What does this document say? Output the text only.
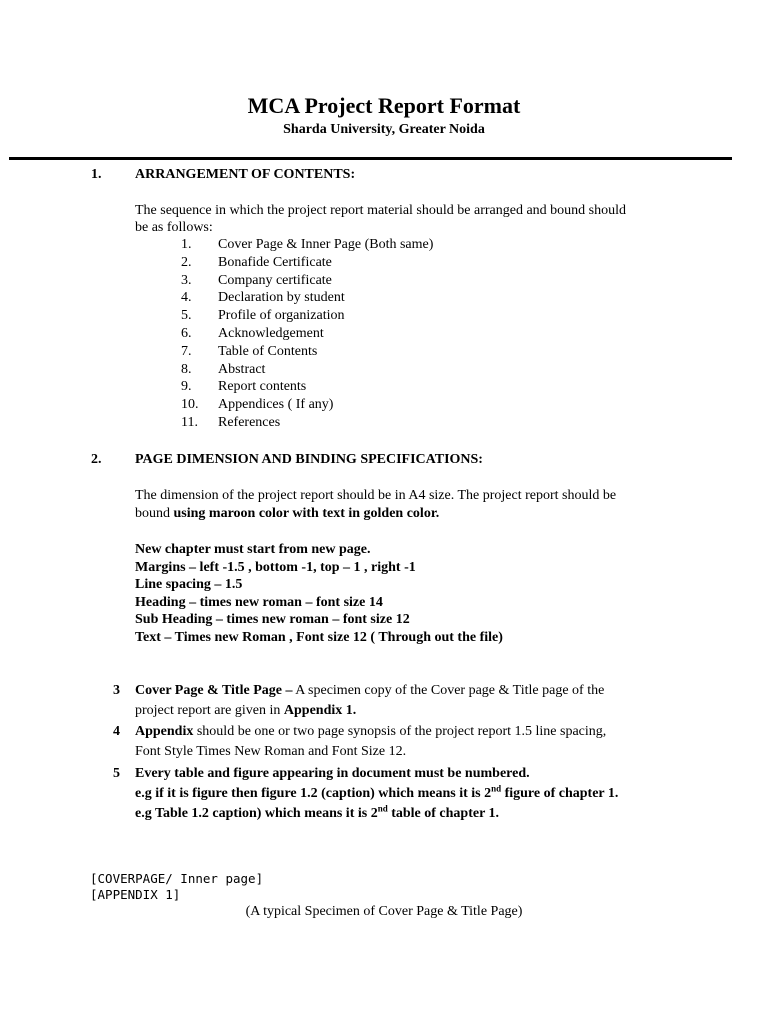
MCA Project Report Format
Sharda University, Greater Noida
1. ARRANGEMENT OF CONTENTS:
The sequence in which the project report material should be arranged and bound should
be as follows:
1. Cover Page & Inner Page (Both same)
2. Bonafide Certificate
3. Company certificate
4. Declaration by student
5. Profile of organization
6. Acknowledgement
7. Table of Contents
8. Abstract
9. Report contents
10. Appendices ( If any)
11. References
2. PAGE DIMENSION AND BINDING SPECIFICATIONS:
The dimension of the project report should be in A4 size. The project report should be
bound using maroon color with text in golden color.
New chapter must start from new page.
Margins – left -1.5 , bottom -1, top – 1 , right -1
Line spacing – 1.5
Heading – times new roman – font size 14
Sub Heading – times new roman – font size 12
Text – Times new Roman , Font size 12 ( Through out the file)
3 Cover Page & Title Page – A specimen copy of the Cover page & Title page of the
project report are given in Appendix 1.
4 Appendix should be one or two page synopsis of the project report 1.5 line spacing,
Font Style Times New Roman and Font Size 12.
5 Every table and figure appearing in document must be numbered.
e.g if it is figure then figure 1.2 (caption) which means it is 2nd figure of chapter 1.
e.g Table 1.2 caption) which means it is 2nd table of chapter 1.
[COVERPAGE/ Inner page]
[APPENDIX 1]
(A typical Specimen of Cover Page & Title Page)
